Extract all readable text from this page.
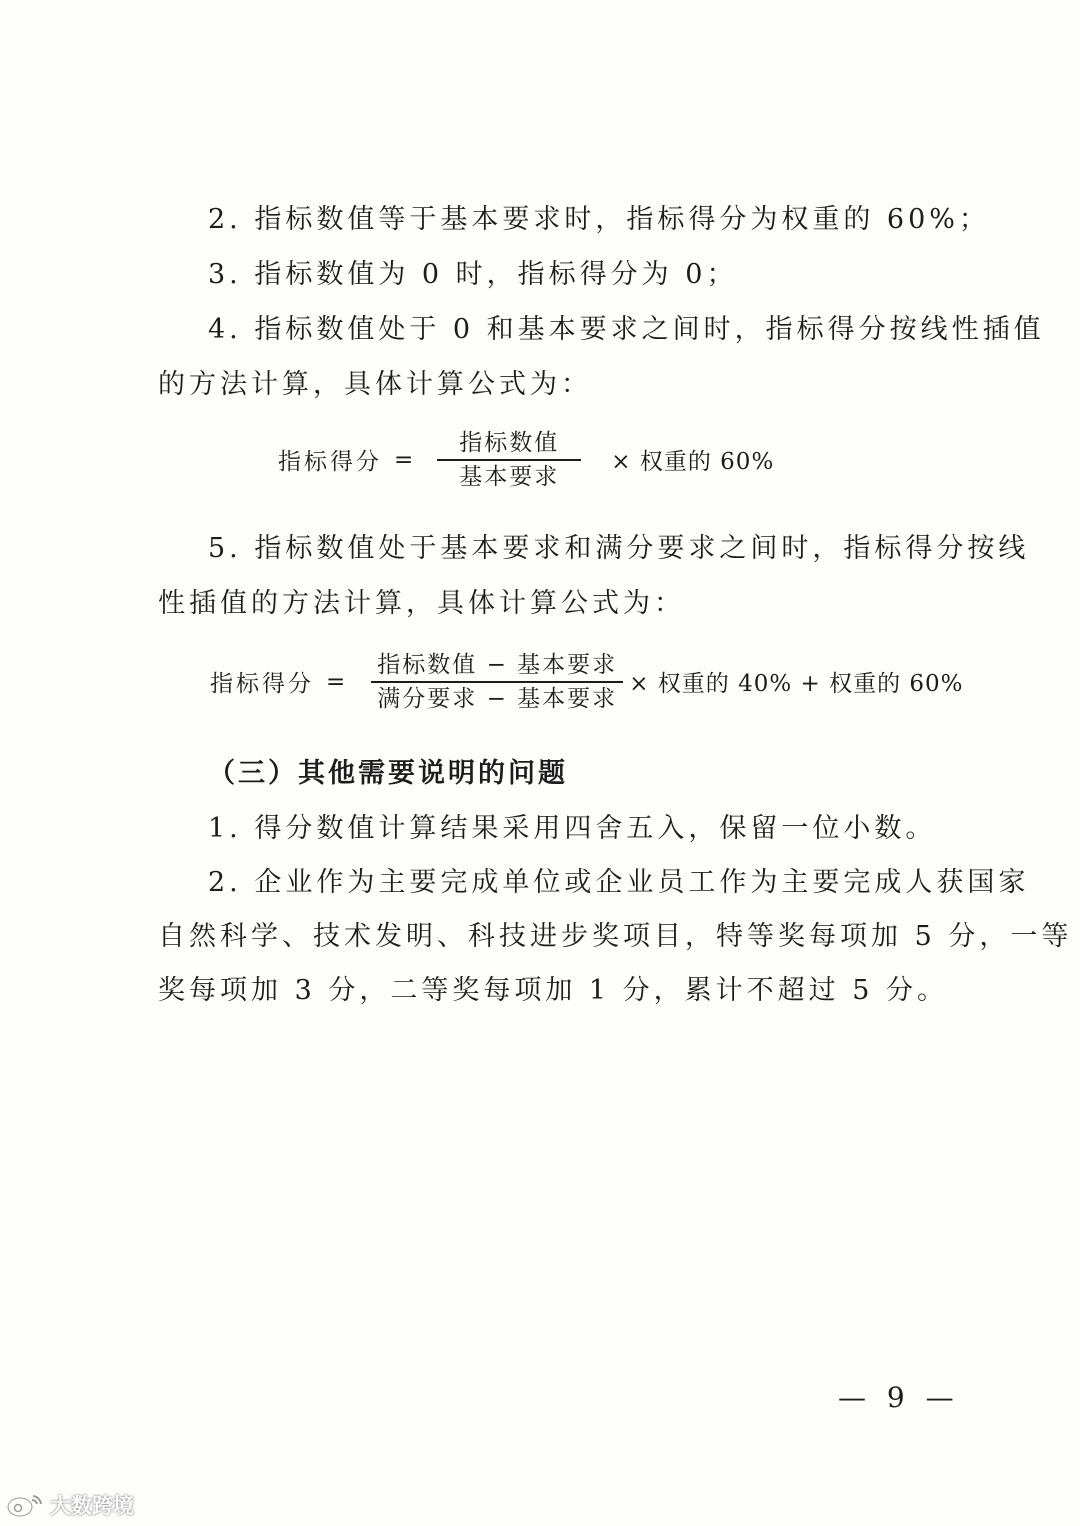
2. 指标数值等于基本要求时，指标得分为权重的 60%；
3. 指标数值为 0 时，指标得分为 0；
4. 指标数值处于 0 和基本要求之间时，指标得分按线性插值
的方法计算，具体计算公式为：
指标得分 = $\frac{\text{指标数值}}{\text{基本要求}}$ × 权重的 60%
5. 指标数值处于基本要求和满分要求之间时，指标得分按线
性插值的方法计算，具体计算公式为：
指标得分 = $\frac{\text{指标数值 − 基本要求}}{\text{满分要求 − 基本要求}}$ × 权重的 40% + 权重的 60%
（三）其他需要说明的问题
1. 得分数值计算结果采用四舍五入，保留一位小数。
2. 企业作为主要完成单位或企业员工作为主要完成人获国家
自然科学、技术发明、科技进步奖项目，特等奖每项加 5 分，一等
奖每项加 3 分，二等奖每项加 1 分，累计不超过 5 分。
— 9 —
大数跨境
